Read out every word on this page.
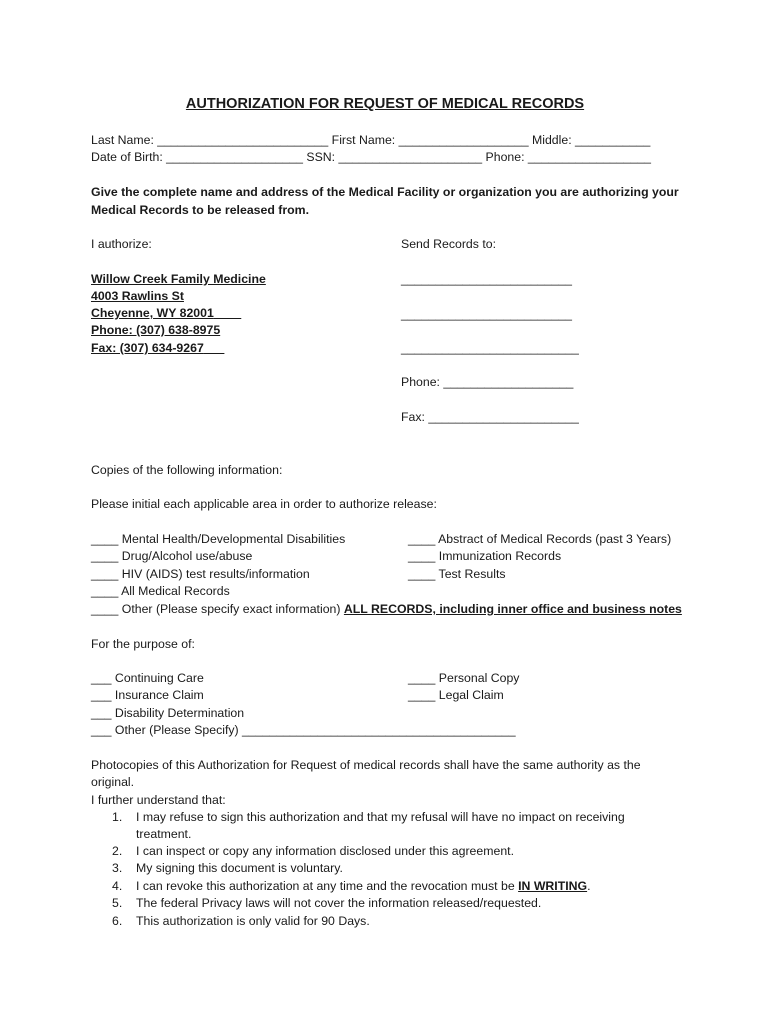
AUTHORIZATION FOR REQUEST OF MEDICAL RECORDS
Last Name: _________________________ First Name: ___________________ Middle: ___________
Date of Birth: ____________________ SSN: _____________________ Phone: __________________
Give the complete name and address of the Medical Facility or organization you are authorizing your
Medical Records to be released from.
I authorize:	Send Records to:
Willow Creek Family Medicine
4003 Rawlins St
Cheyenne, WY 82001____
Phone: (307) 638-8975
Fax: (307) 634-9267___
_________________________
_________________________
__________________________
Phone: ___________________
Fax: ______________________
Copies of the following information:
Please initial each applicable area in order to authorize release:
____ Mental Health/Developmental Disabilities
____ Drug/Alcohol use/abuse
____ HIV (AIDS) test results/information
____ All Medical Records
____ Abstract of Medical Records (past 3 Years)
____ Immunization Records
____ Test Results
____ Other (Please specify exact information) ALL RECORDS, including inner office and business notes
For the purpose of:
___ Continuing Care
___ Insurance Claim
___ Disability Determination
___ Other (Please Specify) ________________________________________
____ Personal Copy
____ Legal Claim
Photocopies of this Authorization for Request of medical records shall have the same authority as the
original.
I further understand that:
1. I may refuse to sign this authorization and that my refusal will have no impact on receiving treatment.
2. I can inspect or copy any information disclosed under this agreement.
3. My signing this document is voluntary.
4. I can revoke this authorization at any time and the revocation must be IN WRITING.
5. The federal Privacy laws will not cover the information released/requested.
6. This authorization is only valid for 90 Days.
